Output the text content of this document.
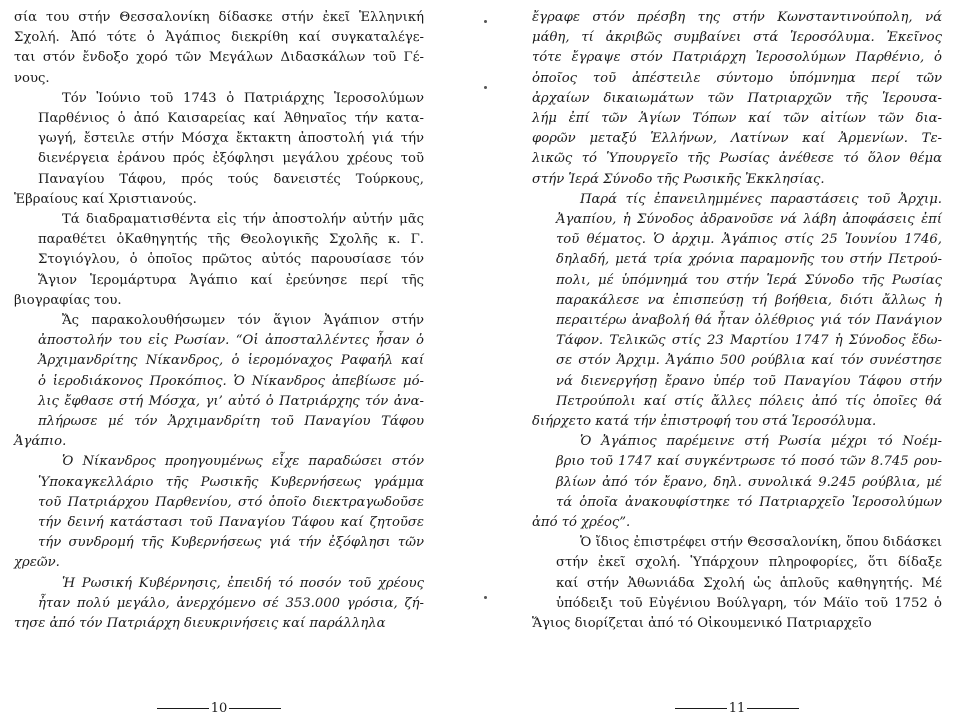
σία του στήν Θεσσαλονίκη δίδασκε στήν ἐκεῖ Ἑλληνική
Σχολή. Ἀπό τότε ὁ Ἀγάπιος διεκρίθη καί συγκαταλέγε-
ται στόν ἔνδοξο χορό τῶν Μεγάλων Διδασκάλων τοῦ Γέ-
νους.

Τόν Ἰούνιο τοῦ 1743 ὁ Πατριάρχης Ἱεροσολύμων
Παρθένιος ὁ ἀπό Καισαρείας καί Ἀθηναῖος τήν κατα-
γωγή, ἔστειλε στήν Μόσχα ἔκτακτη ἀποστολή γιά τήν
διενέργεια ἐράνου πρός ἐξόφλησι μεγάλου χρέους τοῦ
Παναγίου Τάφου, πρός τούς δανειστές Τούρκους,
Ἑβραίους καί Χριστιανούς.

Τά διαδραματισθέντα εἰς τήν ἀποστολήν αὐτήν μᾶς
παραθέτει ὁΚαθηγητής τῆς Θεολογικῆς Σχολῆς κ. Γ.
Στογιόγλου, ὁ ὁποῖος πρῶτος αὐτός παρουσίασε τόν
Ἅγιον Ἱερομάρτυρα Ἀγάπιο καί ἐρεύνησε περί τῆς
βιογραφίας του.

Ἄς παρακολουθήσωμεν τόν ἅγιον Ἀγάπιον στήν
ἀποστολήν του εἰς Ρωσίαν. “Οἱ ἀποσταλλέντες ἦσαν ὁ
Ἀρχιμανδρίτης Νίκανδρος, ὁ ἱερομόναχος Ραφαήλ καί
ὁ ἱεροδιάκονος Προκόπιος. Ὁ Νίκανδρος ἀπεβίωσε μό-
λις ἔφθασε στή Μόσχα, γι’ αὐτό ὁ Πατριάρχης τόν ἀνα-
πλήρωσε μέ τόν Ἀρχιμανδρίτη τοῦ Παναγίου Τάφου
Ἀγάπιο.

Ὁ Νίκανδρος προηγουμένως εἶχε παραδώσει στόν
Ὑποκαγκελλάριο τῆς Ρωσικῆς Κυβερνήσεως γράμμα
τοῦ Πατριάρχου Παρθενίου, στό ὁποῖο διεκτραγωδοῦσε
τήν δεινή κατάστασι τοῦ Παναγίου Τάφου καί ζητοῦσε
τήν συνδρομή τῆς Κυβερνήσεως γιά τήν ἐξόφλησι τῶν
χρεῶν.

Ἡ Ρωσική Κυβέρνησις, ἐπειδή τό ποσόν τοῦ χρέους
ἦταν πολύ μεγάλο, ἀνερχόμενο σέ 353.000 γρόσια, ζή-
τησε ἀπό τόν Πατριάρχη διευκρινήσεις καί παράλληλα

10

ἔγραφε στόν πρέσβη της στήν Κωνσταντινούπολη, νά
μάθη, τί ἀκριβῶς συμβαίνει στά Ἱεροσόλυμα. Ἐκεῖνος
τότε ἔγραψε στόν Πατριάρχη Ἱεροσολύμων Παρθένιο, ὁ
ὁποῖος τοῦ ἀπέστειλε σύντομο ὑπόμνημα περί τῶν
ἀρχαίων δικαιωμάτων τῶν Πατριαρχῶν τῆς Ἱερουσα-
λήμ ἐπί τῶν Ἁγίων Τόπων καί τῶν αἰτίων τῶν δια-
φορῶν μεταξύ Ἑλλήνων, Λατίνων καί Ἀρμενίων. Τε-
λικῶς τό Ὑπουργεῖο τῆς Ρωσίας ἀνέθεσε τό ὅλον θέμα
στήν Ἱερά Σύνοδο τῆς Ρωσικῆς Ἐκκλησίας.

Παρά τίς ἐπανειλημμένες παραστάσεις τοῦ Ἀρχιμ.
Ἀγαπίου, ἡ Σύνοδος ἀδρανοῦσε νά λάβη ἀποφάσεις ἐπί
τοῦ θέματος. Ὁ ἀρχιμ. Ἀγάπιος στίς 25 Ἰουνίου 1746,
δηλαδή, μετά τρία χρόνια παραμονῆς του στήν Πετρού-
πολι, μέ ὑπόμνημά του στήν Ἱερά Σύνοδο τῆς Ρωσίας
παρακάλεσε να ἐπισπεύσῃ τή βοήθεια, διότι ἄλλως ἡ
περαιτέρω ἀναβολή θά ἦταν ὀλέθριος γιά τόν Πανάγιον
Τάφον. Τελικῶς στίς 23 Μαρτίου 1747 ἡ Σύνοδος ἔδω-
σε στόν Ἀρχιμ. Ἀγάπιο 500 ρούβλια καί τόν συνέστησε
νά διενεργήσῃ ἔρανο ὑπέρ τοῦ Παναγίου Τάφου στήν
Πετρούπολι καί στίς ἄλλες πόλεις ἀπό τίς ὁποῖες θά
διήρχετο κατά τήν ἐπιστροφή του στά Ἱεροσόλυμα.

Ὁ Ἀγάπιος παρέμεινε στή Ρωσία μέχρι τό Νοέμ-
βριο τοῦ 1747 καί συγκέντρωσε τό ποσό τῶν 8.745 ρου-
βλίων ἀπό τόν ἔρανο, δηλ. συνολικά 9.245 ρούβλια, μέ
τά ὁποῖα ἀνακουφίστηκε τό Πατριαρχεῖο Ἱεροσολύμων
ἀπό τό χρέος”.

Ὁ ἴδιος ἐπιστρέφει στήν Θεσσαλονίκη, ὅπου διδάσκει
στήν ἐκεῖ σχολή. Ὑπάρχουν πληροφορίες, ὅτι δίδαξε
καί στήν Ἀθωνιάδα Σχολή ὡς ἁπλοῦς καθηγητής. Μέ
ὑπόδειξι τοῦ Εὐγένιου Βούλγαρη, τόν Μάϊο τοῦ 1752 ὁ
Ἅγιος διορίζεται ἀπό τό Οἰκουμενικό Πατριαρχεῖο

11
